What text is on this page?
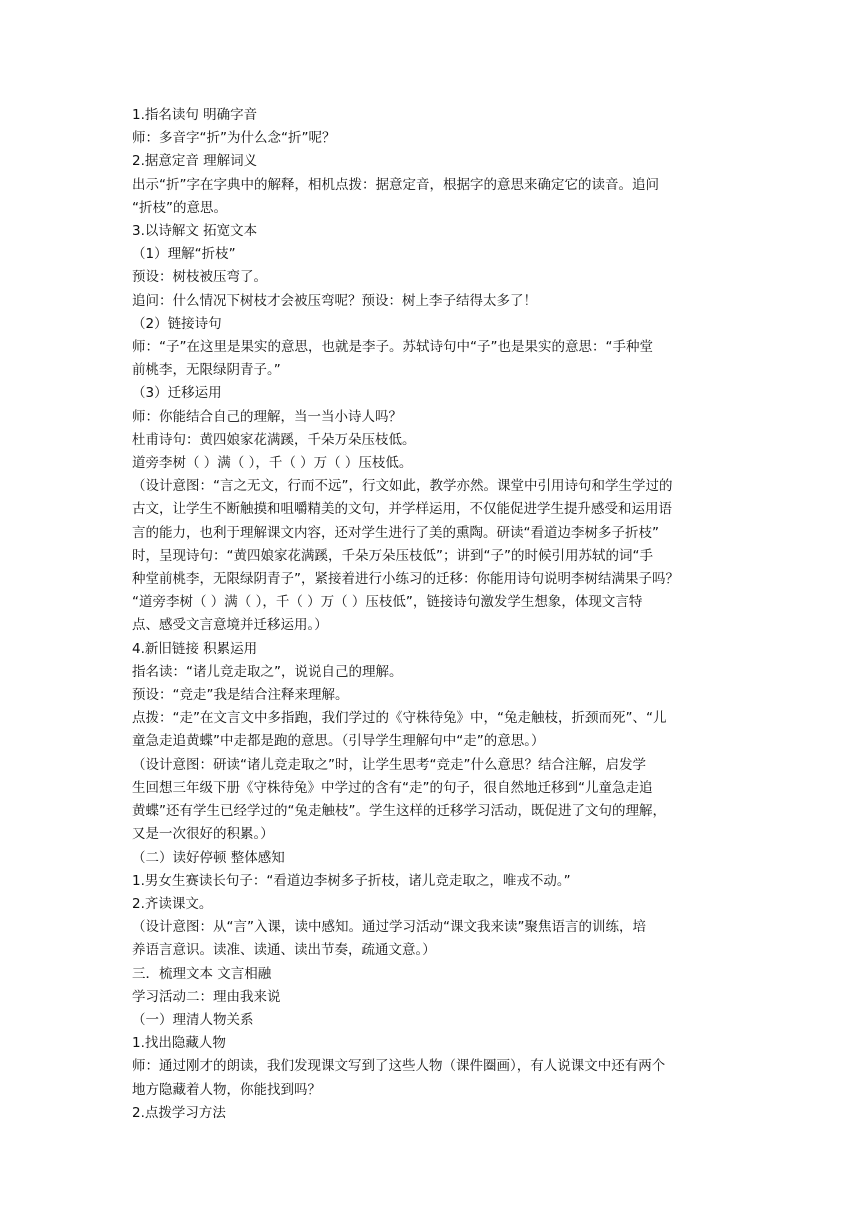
1.指名读句 明确字音

师：多音字“折”为什么念“折”呢？

2.据意定音 理解词义

出示“折”字在字典中的解释，相机点拨：据意定音，根据字的意思来确定它的读音。追问

“折枝”的意思。

3.以诗解文 拓宽文本

（1）理解“折枝”

预设：树枝被压弯了。

追问：什么情况下树枝才会被压弯呢？预设：树上李子结得太多了！

（2）链接诗句

师：“子”在这里是果实的意思，也就是李子。苏轼诗句中“子”也是果实的意思：“手种堂

前桃李，无限绿阴青子。”

（3）迁移运用

师：你能结合自己的理解，当一当小诗人吗？

杜甫诗句：黄四娘家花满蹊，千朵万朵压枝低。

道旁李树（ ）满（ ），千（ ）万（ ）压枝低。

（设计意图：“言之无文，行而不远”，行文如此，教学亦然。课堂中引用诗句和学生学过的

古文，让学生不断触摸和咀嚼精美的文句，并学样运用，不仅能促进学生提升感受和运用语

言的能力，也利于理解课文内容，还对学生进行了美的熏陶。研读“看道边李树多子折枝”

时，呈现诗句：“黄四娘家花满蹊，千朵万朵压枝低”；讲到“子”的时候引用苏轼的词“手

种堂前桃李，无限绿阴青子”，紧接着进行小练习的迁移：你能用诗句说明李树结满果子吗？

“道旁李树（ ）满（ ），千（ ）万（ ）压枝低”，链接诗句激发学生想象，体现文言特

点、感受文言意境并迁移运用。）

4.新旧链接 积累运用

指名读：“诸儿竞走取之”，说说自己的理解。

预设：“竞走”我是结合注释来理解。

点拨：“走”在文言文中多指跑，我们学过的《守株待兔》中，“兔走触枝，折颈而死”、“儿

童急走追黄蝶”中走都是跑的意思。（引导学生理解句中“走”的意思。）

（设计意图：研读“诸儿竞走取之”时，让学生思考“竞走”什么意思？结合注解，启发学

生回想三年级下册《守株待兔》中学过的含有“走”的句子，很自然地迁移到“儿童急走追

黄蝶”还有学生已经学过的“兔走触枝”。学生这样的迁移学习活动，既促进了文句的理解，

又是一次很好的积累。）

（二）读好停顿 整体感知

1.男女生赛读长句子：“看道边李树多子折枝，诸儿竞走取之，唯戎不动。”

2.齐读课文。

（设计意图：从“言”入课，读中感知。通过学习活动“课文我来读”聚焦语言的训练，培

养语言意识。读准、读通、读出节奏，疏通文意。）

三．梳理文本 文言相融

学习活动二：理由我来说

（一）理清人物关系

1.找出隐藏人物

师：通过刚才的朗读，我们发现课文写到了这些人物（课件圈画），有人说课文中还有两个

地方隐藏着人物，你能找到吗？

2.点拨学习方法
